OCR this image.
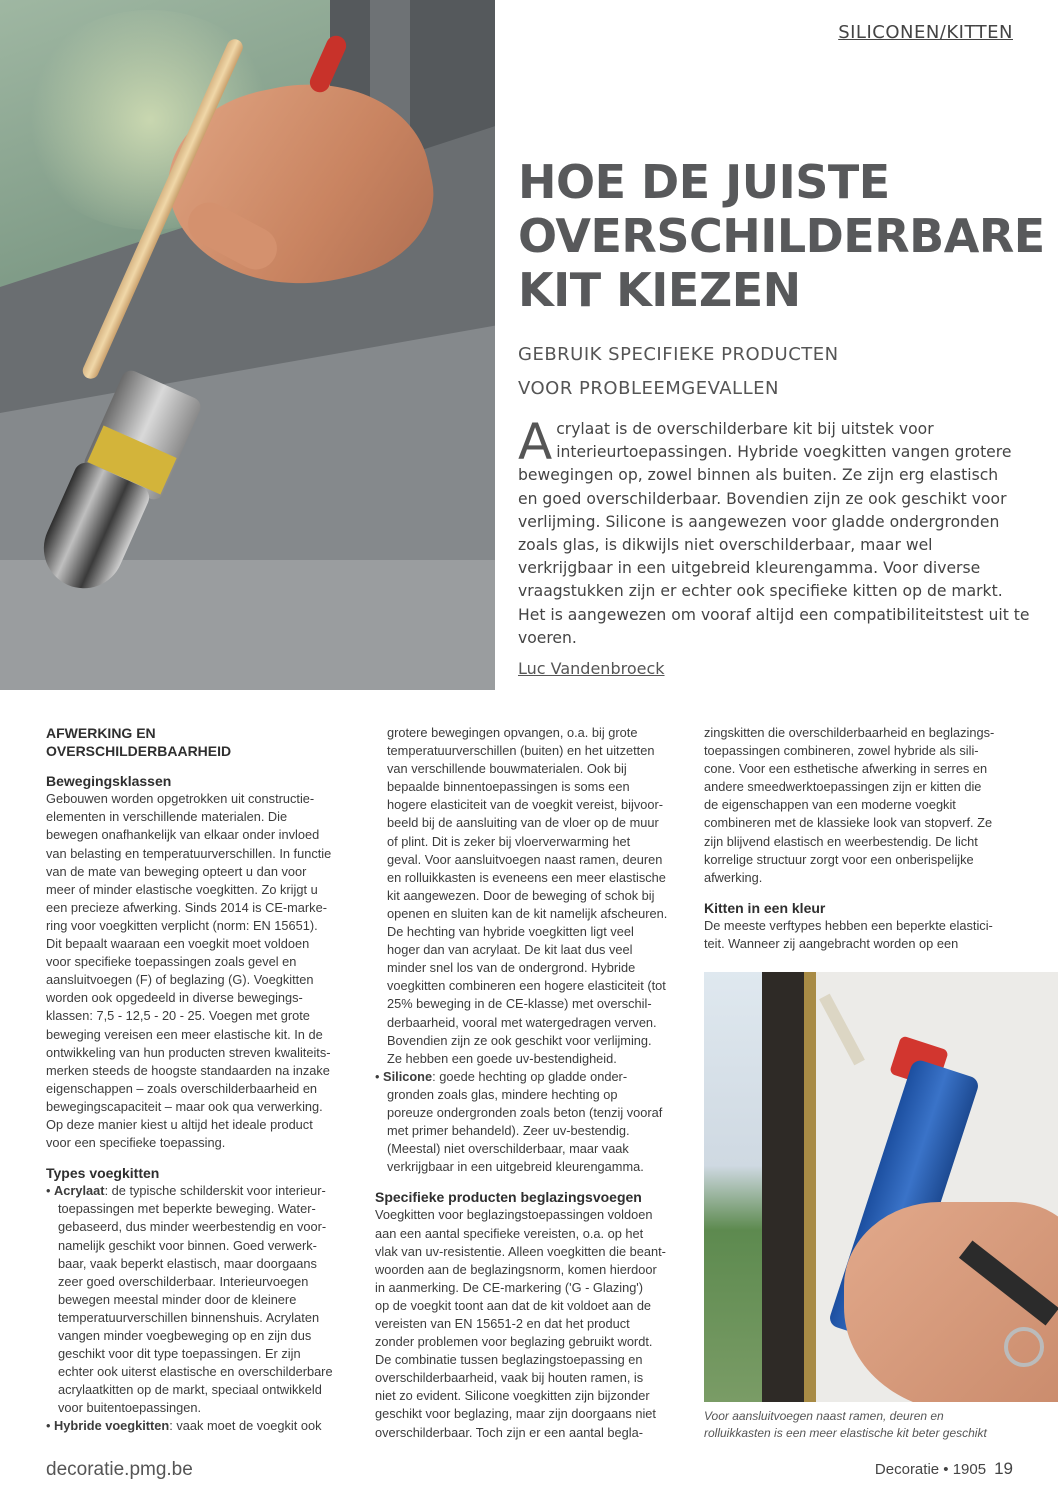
SILICONEN/KITTEN
HOE DE JUISTE
OVERSCHILDERBARE
KIT KIEZEN
GEBRUIK SPECIFIEKE PRODUCTEN
VOOR PROBLEEMGEVALLEN
A crylaat is de overschilderbare kit bij uitstek voor
interieurtoepassingen. Hybride voegkitten vangen grotere
bewegingen op, zowel binnen als buiten. Ze zijn erg elastisch
en goed overschilderbaar. Bovendien zijn ze ook geschikt voor
verlijming. Silicone is aangewezen voor gladde ondergronden
zoals glas, is dikwijls niet overschilderbaar, maar wel
verkrijgbaar in een uitgebreid kleurengamma. Voor diverse
vraagstukken zijn er echter ook specifieke kitten op de markt.
Het is aangewezen om vooraf altijd een compatibiliteitstest uit te
voeren.
Luc Vandenbroeck
AFWERKING EN
OVERSCHILDERBAARHEID
Bewegingsklassen
Gebouwen worden opgetrokken uit constructie-
elementen in verschillende materialen. Die
bewegen onafhankelijk van elkaar onder invloed
van belasting en temperatuurverschillen. In functie
van de mate van beweging opteert u dan voor
meer of minder elastische voegkitten. Zo krijgt u
een precieze afwerking. Sinds 2014 is CE-marke-
ring voor voegkitten verplicht (norm: EN 15651).
Dit bepaalt waaraan een voegkit moet voldoen
voor specifieke toepassingen zoals gevel en
aansluitvoegen (F) of beglazing (G). Voegkitten
worden ook opgedeeld in diverse bewegings-
klassen: 7,5 - 12,5 - 20 - 25. Voegen met grote
beweging vereisen een meer elastische kit. In de
ontwikkeling van hun producten streven kwaliteits-
merken steeds de hoogste standaarden na inzake
eigenschappen – zoals overschilderbaarheid en
bewegingscapaciteit – maar ook qua verwerking.
Op deze manier kiest u altijd het ideale product
voor een specifieke toepassing.
Types voegkitten
• Acrylaat: de typische schilderskit voor interieur-
toepassingen met beperkte beweging. Water-
gebaseerd, dus minder weerbestendig en voor-
namelijk geschikt voor binnen. Goed verwerk-
baar, vaak beperkt elastisch, maar doorgaans
zeer goed overschilderbaar. Interieurvoegen
bewegen meestal minder door de kleinere
temperatuurverschillen binnenshuis. Acrylaten
vangen minder voegbeweging op en zijn dus
geschikt voor dit type toepassingen. Er zijn
echter ook uiterst elastische en overschilderbare
acrylaatkitten op de markt, speciaal ontwikkeld
voor buitentoepassingen.
• Hybride voegkitten: vaak moet de voegkit ook
grotere bewegingen opvangen, o.a. bij grote
temperatuurverschillen (buiten) en het uitzetten
van verschillende bouwmaterialen. Ook bij
bepaalde binnentoepassingen is soms een
hogere elasticiteit van de voegkit vereist, bijvoor-
beeld bij de aansluiting van de vloer op de muur
of plint. Dit is zeker bij vloerverwarming het
geval. Voor aansluitvoegen naast ramen, deuren
en rolluikkasten is eveneens een meer elastische
kit aangewezen. Door de beweging of schok bij
openen en sluiten kan de kit namelijk afscheuren.
De hechting van hybride voegkitten ligt veel
hoger dan van acrylaat. De kit laat dus veel
minder snel los van de ondergrond. Hybride
voegkitten combineren een hogere elasticiteit (tot
25% beweging in de CE-klasse) met overschil-
derbaarheid, vooral met watergedragen verven.
Bovendien zijn ze ook geschikt voor verlijming.
Ze hebben een goede uv-bestendigheid.
• Silicone: goede hechting op gladde onder-
gronden zoals glas, mindere hechting op
poreuze ondergronden zoals beton (tenzij vooraf
met primer behandeld). Zeer uv-bestendig.
(Meestal) niet overschilderbaar, maar vaak
verkrijgbaar in een uitgebreid kleurengamma.
Specifieke producten beglazingsvoegen
Voegkitten voor beglazingstoepassingen voldoen
aan een aantal specifieke vereisten, o.a. op het
vlak van uv-resistentie. Alleen voegkitten die beant-
woorden aan de beglazingsnorm, komen hierdoor
in aanmerking. De CE-markering ('G - Glazing')
op de voegkit toont aan dat de kit voldoet aan de
vereisten van EN 15651-2 en dat het product
zonder problemen voor beglazing gebruikt wordt.
De combinatie tussen beglazingstoepassing en
overschilderbaarheid, vaak bij houten ramen, is
niet zo evident. Silicone voegkitten zijn bijzonder
geschikt voor beglazing, maar zijn doorgaans niet
overschilderbaar. Toch zijn er een aantal begla-
zingskitten die overschilderbaarheid en beglazings-
toepassingen combineren, zowel hybride als sili-
cone. Voor een esthetische afwerking in serres en
andere smeedwerktoepassingen zijn er kitten die
de eigenschappen van een moderne voegkit
combineren met de klassieke look van stopverf. Ze
zijn blijvend elastisch en weerbestendig. De licht
korrelige structuur zorgt voor een onberispelijke
afwerking.
Kitten in een kleur
De meeste verftypes hebben een beperkte elastici-
teit. Wanneer zij aangebracht worden op een
Voor aansluitvoegen naast ramen, deuren en
rolluikkasten is een meer elastische kit beter geschikt
decoratie.pmg.be	Decoratie • 1905 19
